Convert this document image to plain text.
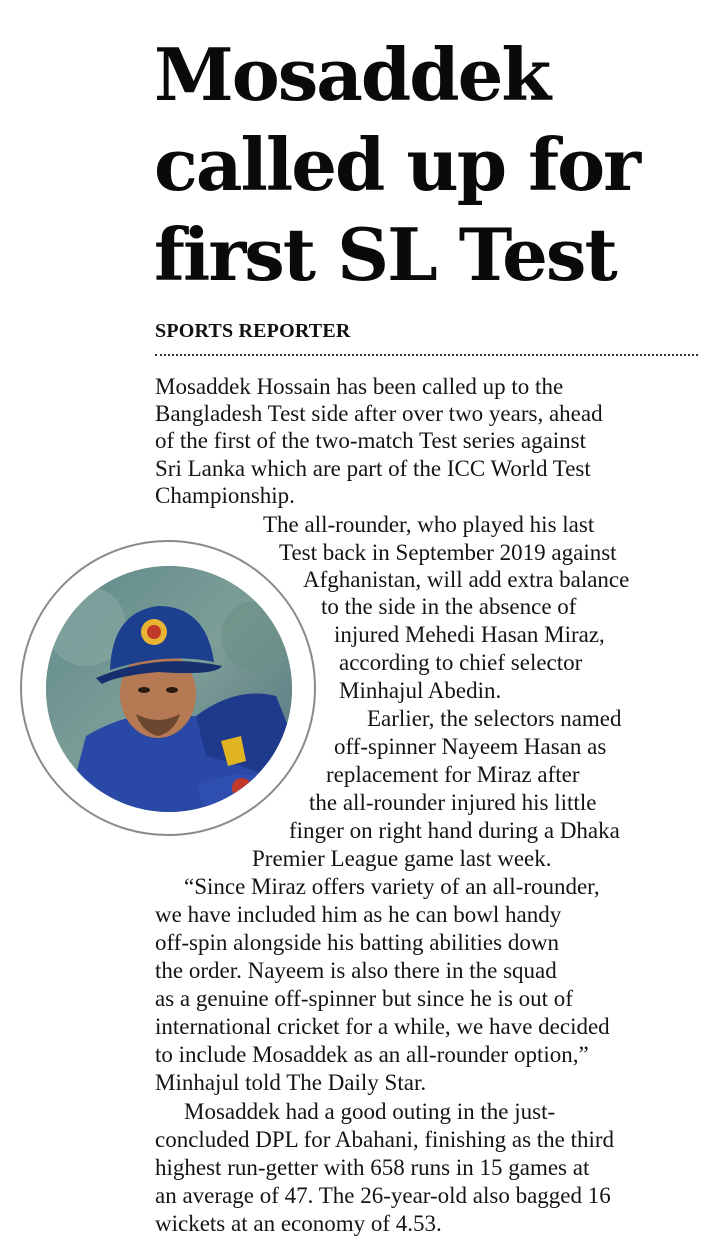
Mosaddek
called up for
first SL Test
SPORTS REPORTER
Mosaddek Hossain has been called up to the
Bangladesh Test side after over two years, ahead
of the first of the two-match Test series against
Sri Lanka which are part of the ICC World Test
Championship.
The all-rounder, who played his last
Test back in September 2019 against
Afghanistan, will add extra balance
to the side in the absence of
injured Mehedi Hasan Miraz,
according to chief selector
Minhajul Abedin.
Earlier, the selectors named
off-spinner Nayeem Hasan as
replacement for Miraz after
the all-rounder injured his little
finger on right hand during a Dhaka
Premier League game last week.
“Since Miraz offers variety of an all-rounder,
we have included him as he can bowl handy
off-spin alongside his batting abilities down
the order. Nayeem is also there in the squad
as a genuine off-spinner but since he is out of
international cricket for a while, we have decided
to include Mosaddek as an all-rounder option,”
Minhajul told The Daily Star.
Mosaddek had a good outing in the just-
concluded DPL for Abahani, finishing as the third
highest run-getter with 658 runs in 15 games at
an average of 47. The 26-year-old also bagged 16
wickets at an economy of 4.53.
